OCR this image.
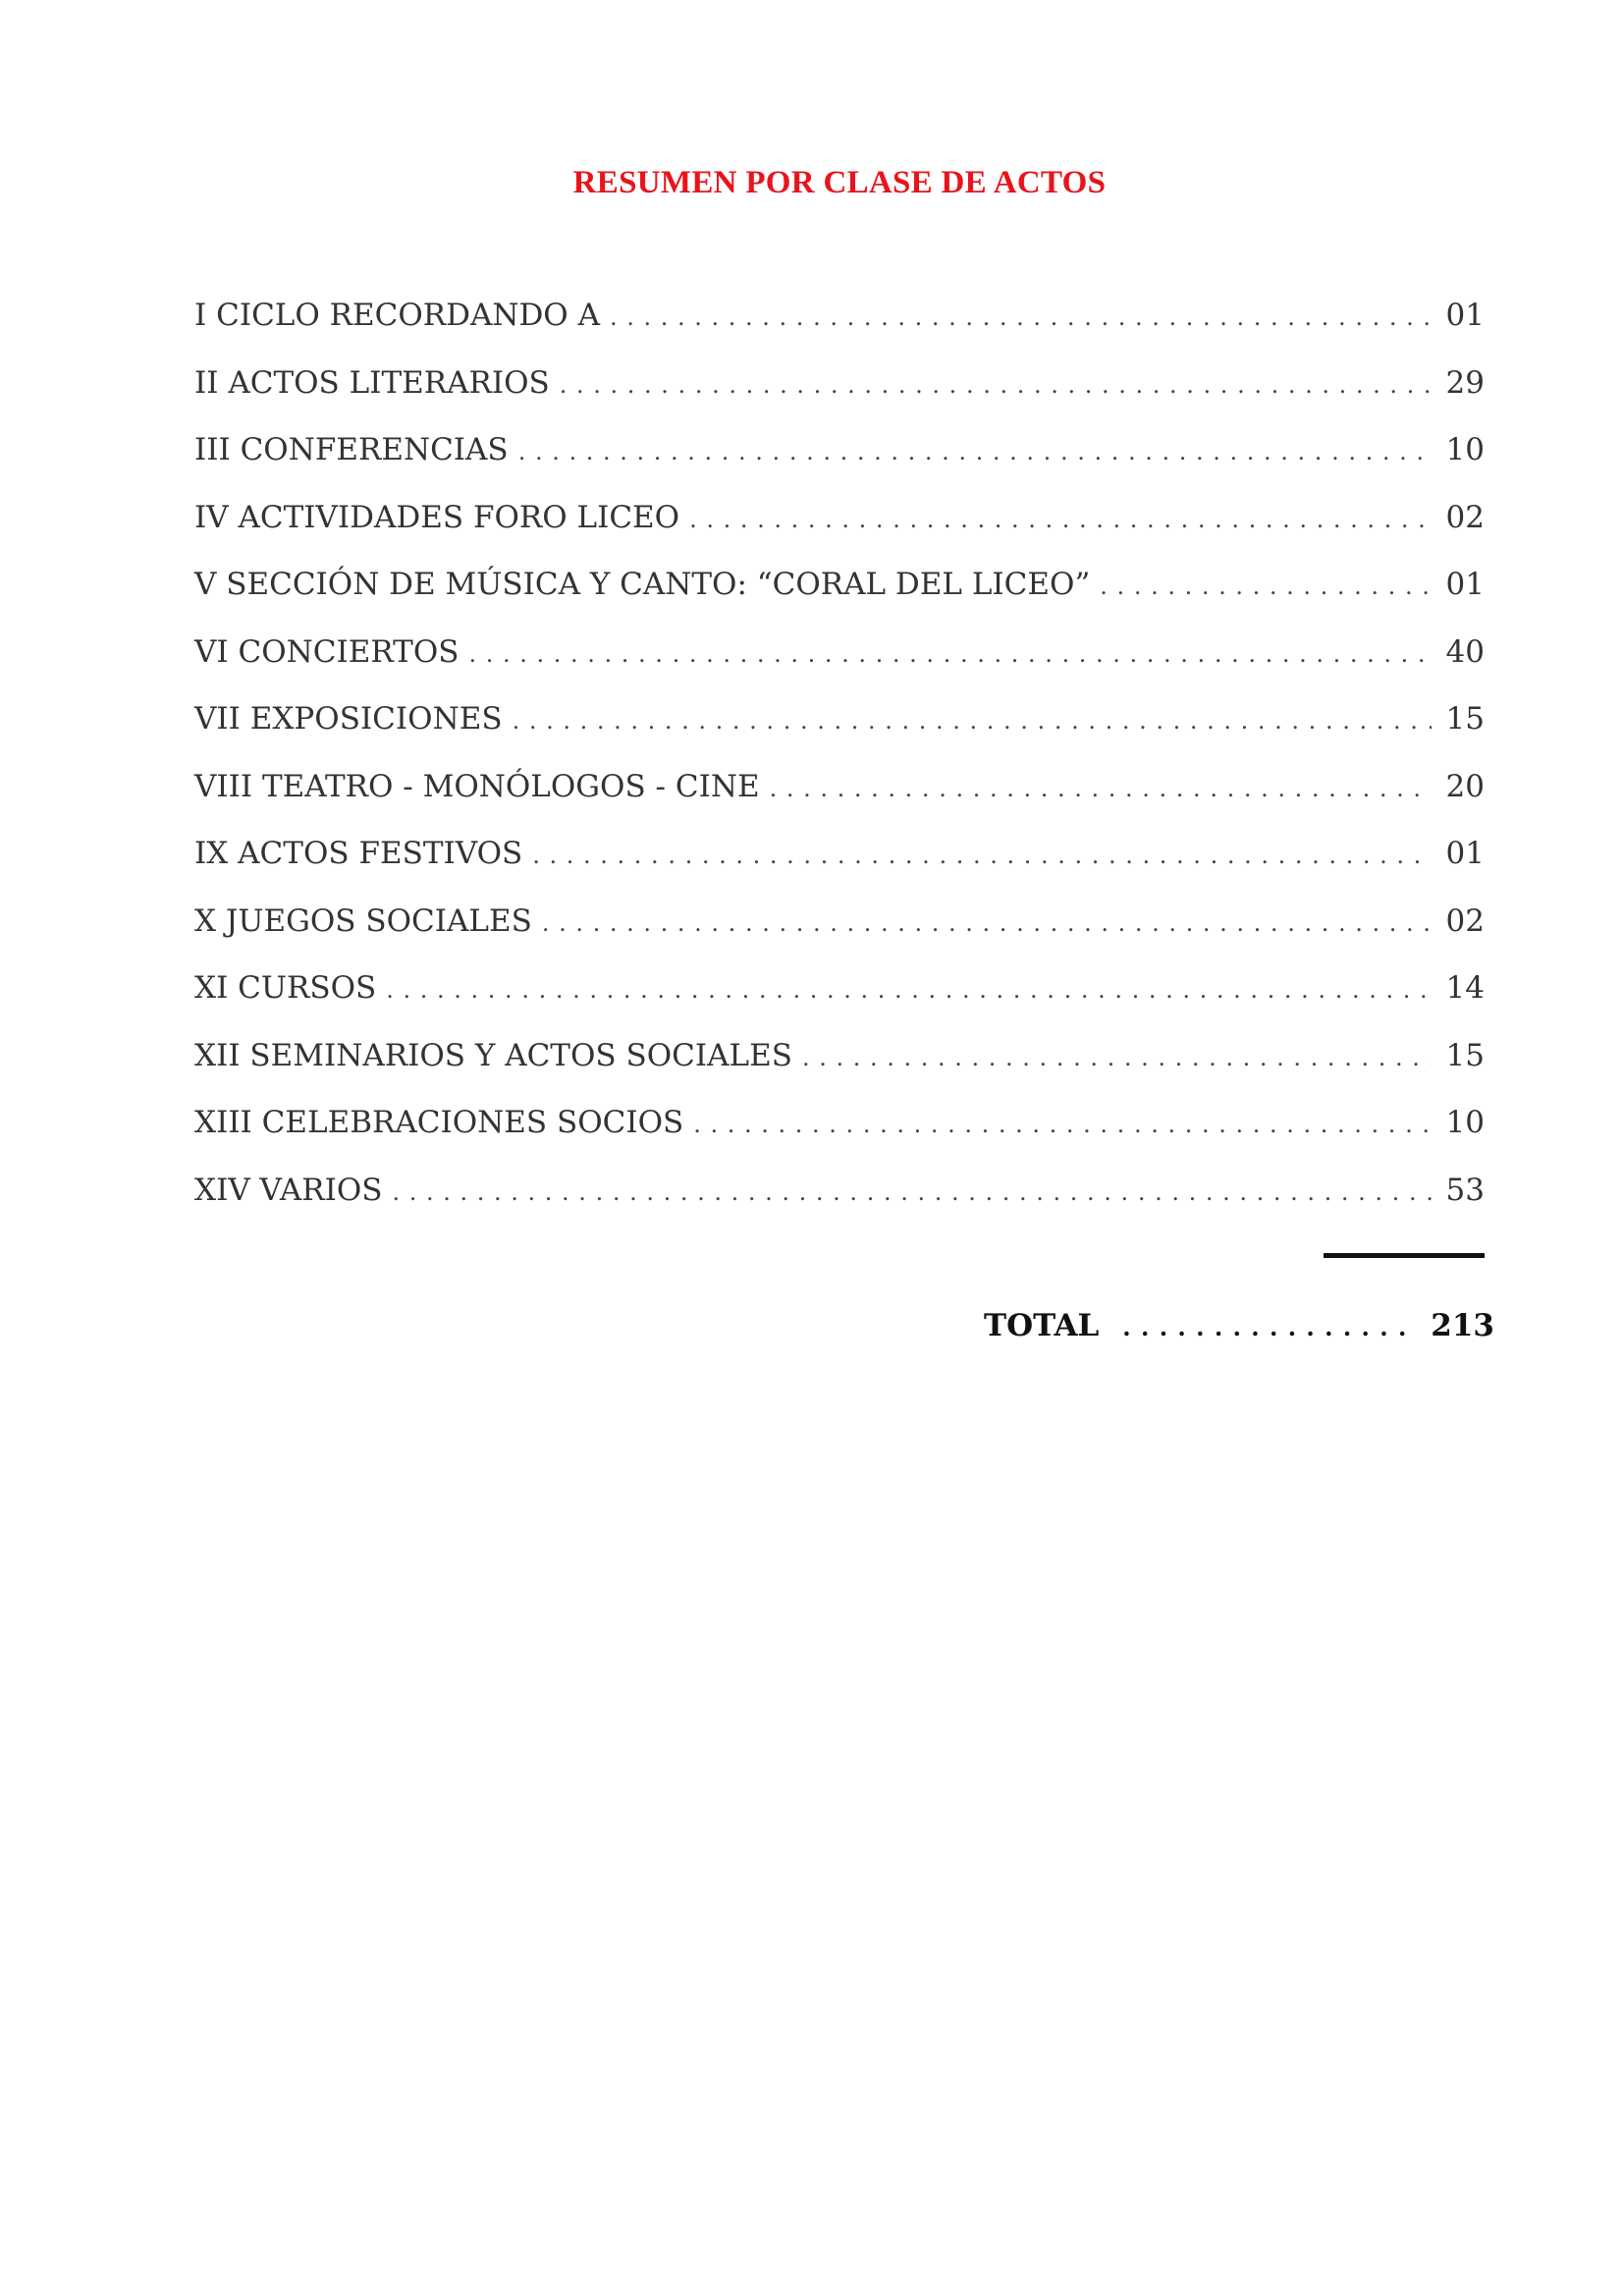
RESUMEN POR CLASE DE ACTOS
I CICLO RECORDANDO A . . .	01
II ACTOS LITERARIOS . . .	29
III CONFERENCIAS . . .	10
IV ACTIVIDADES FORO LICEO . . .	02
V SECCIÓN DE MÚSICA Y CANTO: “CORAL DEL LICEO” . . .	01
VI CONCIERTOS . . .	40
VII EXPOSICIONES . . .	15
VIII TEATRO - MONÓLOGOS - CINE . . .	20
IX ACTOS FESTIVOS . . .	01
X JUEGOS SOCIALES . . .	02
XI CURSOS . . .	14
XII SEMINARIOS Y ACTOS SOCIALES . . .	15
XIII CELEBRACIONES SOCIOS . . .	10
XIV VARIOS . . .	53
TOTAL . . .	213
